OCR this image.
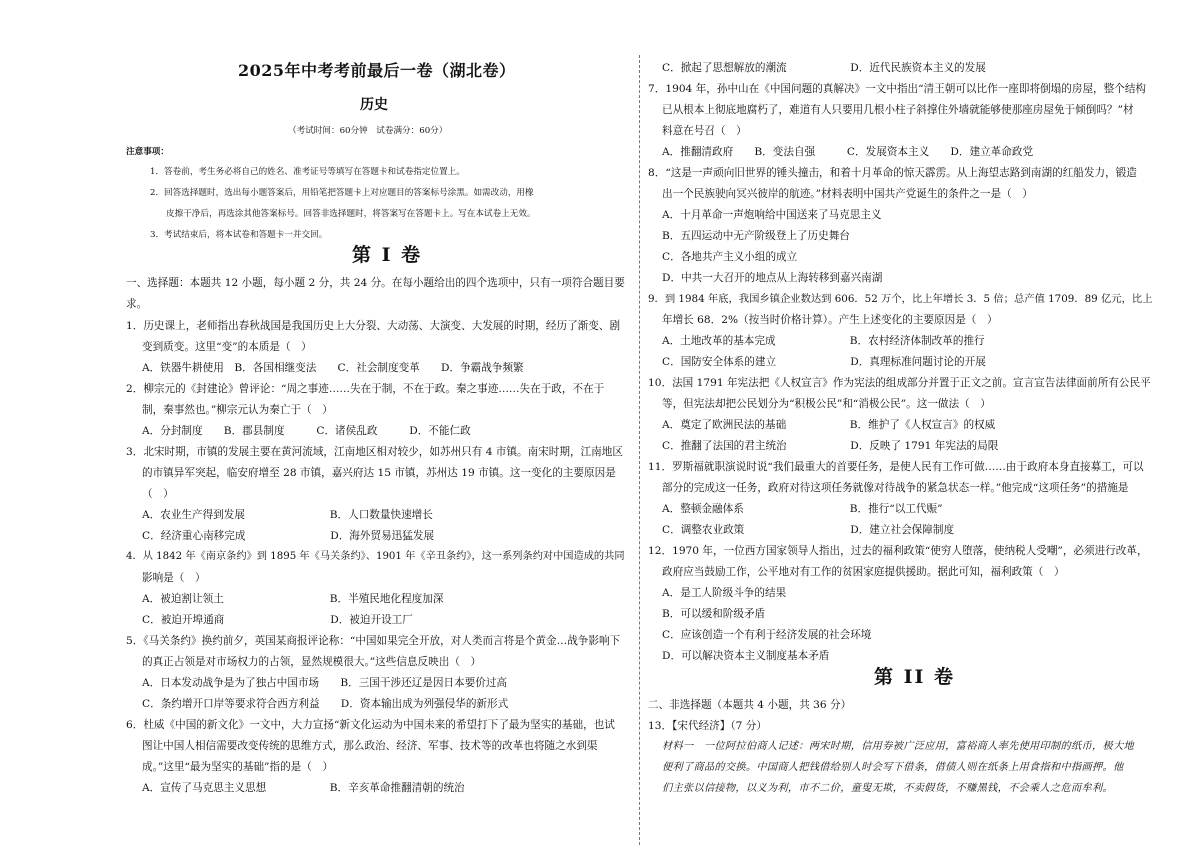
2025年中考考前最后一卷（湖北卷）
历史
（考试时间：60分钟　试卷满分：60分）
注意事项：
1．答卷前，考生务必将自己的姓名、准考证号等填写在答题卡和试卷指定位置上。
2．回答选择题时，选出每小题答案后，用铅笔把答题卡上对应题目的答案标号涂黑。如需改动，用橡
皮擦干净后，再选涂其他答案标号。回答非选择题时，将答案写在答题卡上。写在本试卷上无效。
3．考试结束后，将本试卷和答题卡一并交回。
第 I 卷
一、选择题：本题共 12 小题，每小题 2 分，共 24 分。在每小题给出的四个选项中，只有一项符合题目要
求。
1．历史课上，老师指出春秋战国是我国历史上大分裂、大动荡、大演变、大发展的时期，经历了渐变、剧
变到质变。这里“变”的本质是（　）
A．铁器牛耕使用　B．各国相继变法　　C．社会制度变革　　D．争霸战争频繁
2．柳宗元的《封建论》曾评论：“周之事迹……失在于制，不在于政。秦之事迹……失在于政，不在于
制，秦事然也。”柳宗元认为秦亡于（　）
A．分封制度　　B．郡县制度　　　C．诸侯乱政　　　D．不能仁政
3．北宋时期，市镇的发展主要在黄河流域，江南地区相对较少，如苏州只有 4 市镇。南宋时期，江南地区
的市镇异军突起，临安府增至 28 市镇，嘉兴府达 15 市镇，苏州达 19 市镇。这一变化的主要原因是
（　）
A．农业生产得到发展　　　　　　　　B．人口数量快速增长
C．经济重心南移完成　　　　　　　　D．海外贸易迅猛发展
4．从 1842 年《南京条约》到 1895 年《马关条约》、1901 年《辛丑条约》，这一系列条约对中国造成的共同
影响是（　）
A．被迫割让领土　　　　　　　　　　B．半殖民地化程度加深
C．被迫开埠通商　　　　　　　　　　D．被迫开设工厂
5．《马关条约》换约前夕，英国某商报评论称：“中国如果完全开放，对人类而言将是个黄金…战争影响下
的真正占领是对市场权力的占领，显然规模很大。”这些信息反映出（　）
A．日本发动战争是为了独占中国市场　　B．三国干涉还辽是因日本要价过高
C．条约增开口岸等要求符合西方利益　　D．资本输出成为列强侵华的新形式
6．杜威《中国的新文化》一文中，大力宣扬“新文化运动为中国未来的希望打下了最为坚实的基础，也试
图让中国人相信需要改变传统的思维方式，那么政治、经济、军事、技术等的改革也将随之水到渠
成。”这里“最为坚实的基础”指的是（　）
A．宣传了马克思主义思想　　　　　　B．辛亥革命推翻清朝的统治
C．掀起了思想解放的潮流　　　　　　D．近代民族资本主义的发展
7．1904 年，孙中山在《中国问题的真解决》一文中指出“清王朝可以比作一座即将倒塌的房屋，整个结构
已从根本上彻底地腐朽了，难道有人只要用几根小柱子斜撑住外墙就能够使那座房屋免于倾倒吗？”材
料意在号召（　）
A．推翻清政府　　B．变法自强　　　C．发展资本主义　　D．建立革命政党
8．“这是一声顽向旧世界的锤头撞击，和着十月革命的惊天霹雳。从上海望志路到南湖的红船发力，锻造
出一个民族驶向冥兴彼岸的航迹。”材料表明中国共产党诞生的条件之一是（　）
A．十月革命一声炮响给中国送来了马克思主义
B．五四运动中无产阶级登上了历史舞台
C．各地共产主义小组的成立
D．中共一大召开的地点从上海转移到嘉兴南湖
9．到 1984 年底，我国乡镇企业数达到 606．52 万个，比上年增长 3．5 倍；总产值 1709．89 亿元，比上
年增长 68．2%（按当时价格计算）。产生上述变化的主要原因是（　）
A．土地改革的基本完成　　　　　　　B．农村经济体制改革的推行
C．国防安全体系的建立　　　　　　　D．真理标准问题讨论的开展
10．法国 1791 年宪法把《人权宣言》作为宪法的组成部分并置于正文之前。宣言宣告法律面前所有公民平
等，但宪法却把公民划分为“积极公民”和“消极公民”。这一做法（　）
A．奠定了欧洲民法的基础　　　　　　B．维护了《人权宣言》的权威
C．推翻了法国的君主统治　　　　　　D．反映了 1791 年宪法的局限
11．罗斯福就职演说时说“我们最重大的首要任务，是使人民有工作可做……由于政府本身直接募工，可以
部分的完成这一任务，政府对待这项任务就像对待战争的紧急状态一样。”他完成“这项任务”的措施是
A．整顿金融体系　　　　　　　　　　B．推行“以工代赈”
C．调整农业政策　　　　　　　　　　D．建立社会保障制度
12．1970 年，一位西方国家领导人指出，过去的福利政策“使穷人堕落，使纳税人受嘲”，必须进行改革，
政府应当鼓励工作，公平地对有工作的贫困家庭提供援助。据此可知，福利政策（　）
A．是工人阶级斗争的结果
B．可以缓和阶级矛盾
C．应该创造一个有利于经济发展的社会环境
D．可以解决资本主义制度基本矛盾
第 II 卷
二、非选择题（本题共 4 小题，共 36 分）
13．【宋代经济】（7 分）
材料一　一位阿拉伯商人记述：两宋时期，信用券被广泛应用，富裕商人率先使用印制的纸币，极大地
便利了商品的交换。中国商人把钱借给别人时会写下借条，借债人则在纸条上用食指和中指画押。他
们主张以信接物，以义为利，市不二价，童叟无欺，不卖假货，不赚黑钱，不会乘人之危而牟利。
